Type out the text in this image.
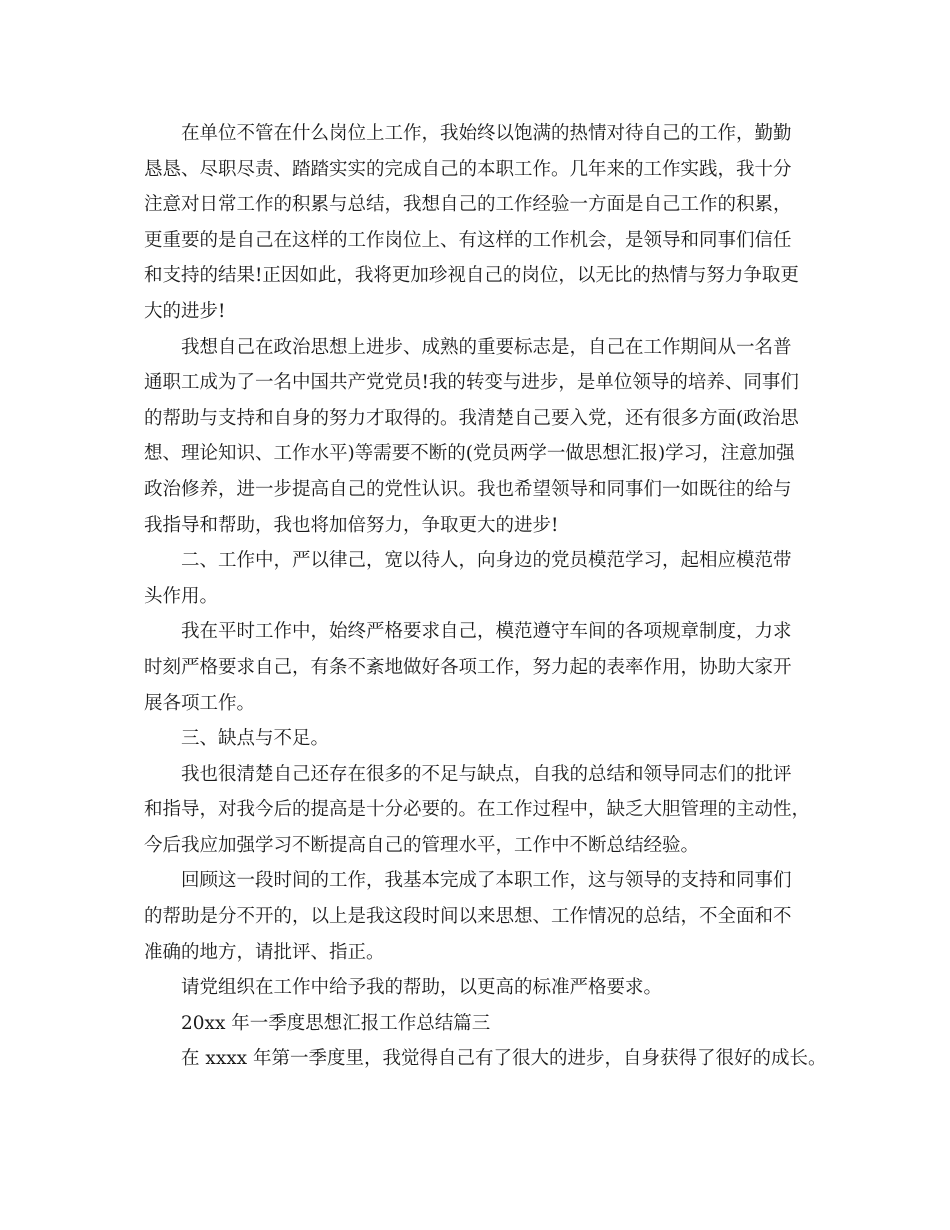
在单位不管在什么岗位上工作，我始终以饱满的热情对待自己的工作，勤勤
恳恳、尽职尽责、踏踏实实的完成自己的本职工作。几年来的工作实践，我十分
注意对日常工作的积累与总结，我想自己的工作经验一方面是自己工作的积累，
更重要的是自己在这样的工作岗位上、有这样的工作机会，是领导和同事们信任
和支持的结果!正因如此，我将更加珍视自己的岗位，以无比的热情与努力争取更
大的进步!
我想自己在政治思想上进步、成熟的重要标志是，自己在工作期间从一名普
通职工成为了一名中国共产党党员!我的转变与进步，是单位领导的培养、同事们
的帮助与支持和自身的努力才取得的。我清楚自己要入党，还有很多方面(政治思
想、理论知识、工作水平)等需要不断的(党员两学一做思想汇报)学习，注意加强
政治修养，进一步提高自己的党性认识。我也希望领导和同事们一如既往的给与
我指导和帮助，我也将加倍努力，争取更大的进步!
二、工作中，严以律己，宽以待人，向身边的党员模范学习，起相应模范带
头作用。
我在平时工作中，始终严格要求自己，模范遵守车间的各项规章制度，力求
时刻严格要求自己，有条不紊地做好各项工作，努力起的表率作用，协助大家开
展各项工作。
三、缺点与不足。
我也很清楚自己还存在很多的不足与缺点，自我的总结和领导同志们的批评
和指导，对我今后的提高是十分必要的。在工作过程中，缺乏大胆管理的主动性，
今后我应加强学习不断提高自己的管理水平，工作中不断总结经验。
回顾这一段时间的工作，我基本完成了本职工作，这与领导的支持和同事们
的帮助是分不开的，以上是我这段时间以来思想、工作情况的总结，不全面和不
准确的地方，请批评、指正。
请党组织在工作中给予我的帮助，以更高的标准严格要求。
20xx 年一季度思想汇报工作总结篇三
在 xxxx 年第一季度里，我觉得自己有了很大的进步，自身获得了很好的成长。
